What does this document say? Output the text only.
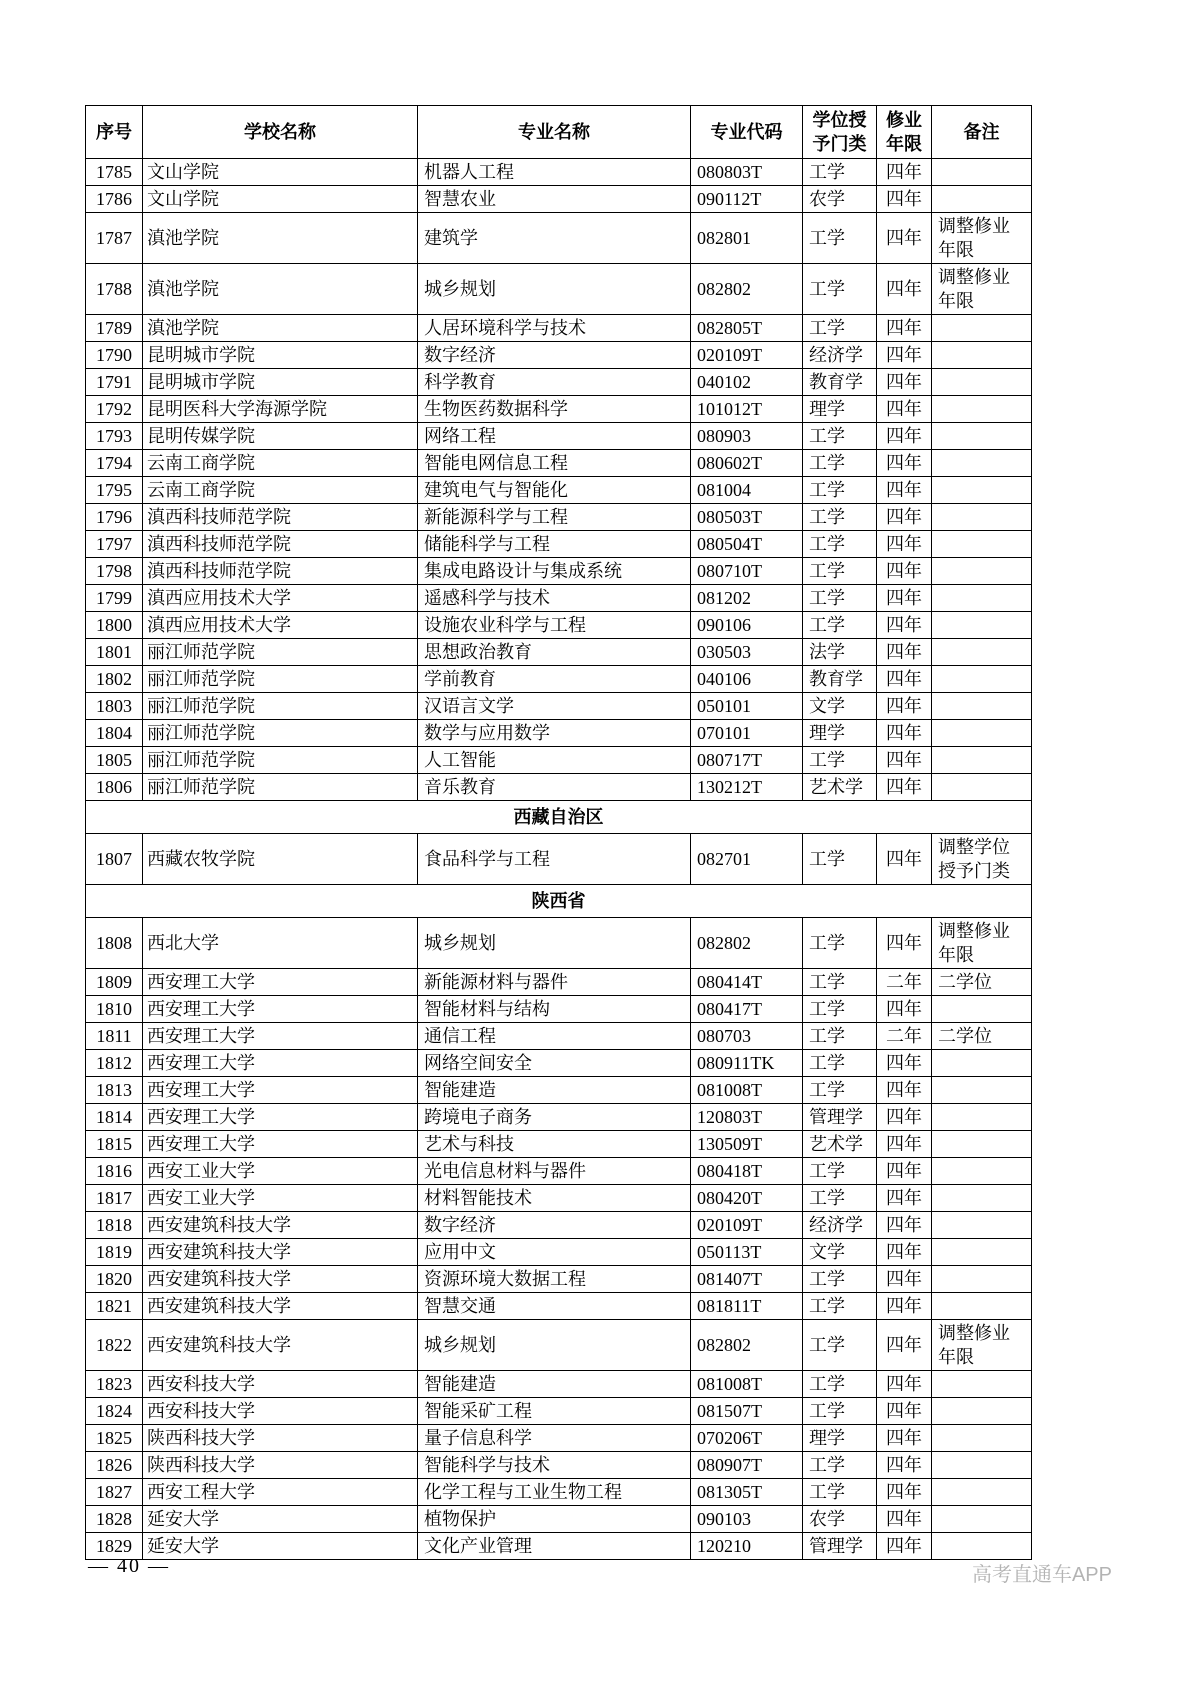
序号	学校名称	专业名称	专业代码	学位授予门类	修业年限	备注
1785	文山学院	机器人工程	080803T	工学	四年	
1786	文山学院	智慧农业	090112T	农学	四年	
1787	滇池学院	建筑学	082801	工学	四年	调整修业年限
1788	滇池学院	城乡规划	082802	工学	四年	调整修业年限
1789	滇池学院	人居环境科学与技术	082805T	工学	四年	
1790	昆明城市学院	数字经济	020109T	经济学	四年	
1791	昆明城市学院	科学教育	040102	教育学	四年	
1792	昆明医科大学海源学院	生物医药数据科学	101012T	理学	四年	
1793	昆明传媒学院	网络工程	080903	工学	四年	
1794	云南工商学院	智能电网信息工程	080602T	工学	四年	
1795	云南工商学院	建筑电气与智能化	081004	工学	四年	
1796	滇西科技师范学院	新能源科学与工程	080503T	工学	四年	
1797	滇西科技师范学院	储能科学与工程	080504T	工学	四年	
1798	滇西科技师范学院	集成电路设计与集成系统	080710T	工学	四年	
1799	滇西应用技术大学	遥感科学与技术	081202	工学	四年	
1800	滇西应用技术大学	设施农业科学与工程	090106	工学	四年	
1801	丽江师范学院	思想政治教育	030503	法学	四年	
1802	丽江师范学院	学前教育	040106	教育学	四年	
1803	丽江师范学院	汉语言文学	050101	文学	四年	
1804	丽江师范学院	数学与应用数学	070101	理学	四年	
1805	丽江师范学院	人工智能	080717T	工学	四年	
1806	丽江师范学院	音乐教育	130212T	艺术学	四年	
西藏自治区						
1807	西藏农牧学院	食品科学与工程	082701	工学	四年	调整学位授予门类
陕西省						
1808	西北大学	城乡规划	082802	工学	四年	调整修业年限
1809	西安理工大学	新能源材料与器件	080414T	工学	二年	二学位
1810	西安理工大学	智能材料与结构	080417T	工学	四年	
1811	西安理工大学	通信工程	080703	工学	二年	二学位
1812	西安理工大学	网络空间安全	080911TK	工学	四年	
1813	西安理工大学	智能建造	081008T	工学	四年	
1814	西安理工大学	跨境电子商务	120803T	管理学	四年	
1815	西安理工大学	艺术与科技	130509T	艺术学	四年	
1816	西安工业大学	光电信息材料与器件	080418T	工学	四年	
1817	西安工业大学	材料智能技术	080420T	工学	四年	
1818	西安建筑科技大学	数字经济	020109T	经济学	四年	
1819	西安建筑科技大学	应用中文	050113T	文学	四年	
1820	西安建筑科技大学	资源环境大数据工程	081407T	工学	四年	
1821	西安建筑科技大学	智慧交通	081811T	工学	四年	
1822	西安建筑科技大学	城乡规划	082802	工学	四年	调整修业年限
1823	西安科技大学	智能建造	081008T	工学	四年	
1824	西安科技大学	智能采矿工程	081507T	工学	四年	
1825	陕西科技大学	量子信息科学	070206T	理学	四年	
1826	陕西科技大学	智能科学与技术	080907T	工学	四年	
1827	西安工程大学	化学工程与工业生物工程	081305T	工学	四年	
1828	延安大学	植物保护	090103	农学	四年	
1829	延安大学	文化产业管理	120210	管理学	四年	
— 40 —	高考直通车APP
